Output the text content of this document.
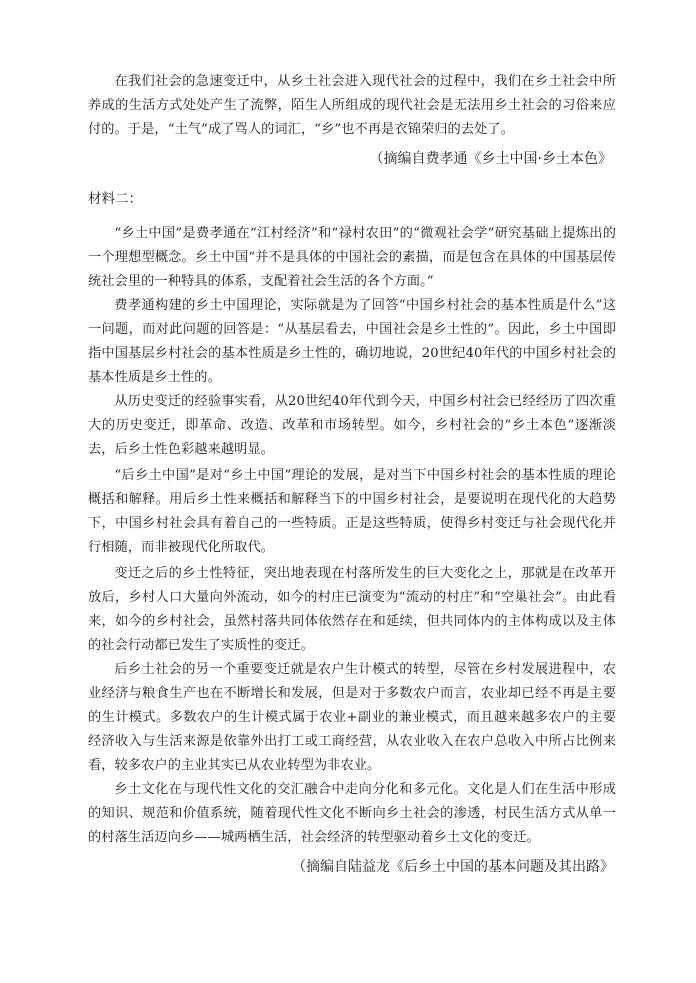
在我们社会的急速变迁中，从乡土社会进入现代社会的过程中，我们在乡土社会中所养成的生活方式处处产生了流弊，陌生人所组成的现代社会是无法用乡土社会的习俗来应付的。于是，“土气”成了骂人的词汇，“乡”也不再是衣锦荣归的去处了。

（摘编自费孝通《乡土中国·乡土本色》

材料二：

“乡土中国”是费孝通在“江村经济”和“禄村农田”的“微观社会学”研究基础上提炼出的一个理想型概念。乡土中国“并不是具体的中国社会的素描，而是包含在具体的中国基层传统社会里的一种特具的体系，支配着社会生活的各个方面。”

费孝通构建的乡土中国理论，实际就是为了回答“中国乡村社会的基本性质是什么”这一问题，而对此问题的回答是：“从基层看去，中国社会是乡土性的”。因此，乡土中国即指中国基层乡村社会的基本性质是乡土性的，确切地说，20世纪40年代的中国乡村社会的基本性质是乡土性的。

从历史变迁的经验事实看，从20世纪40年代到今天，中国乡村社会已经经历了四次重大的历史变迁，即革命、改造、改革和市场转型。如今，乡村社会的“乡土本色”逐渐淡去，后乡土性色彩越来越明显。

“后乡土中国”是对“乡土中国”理论的发展，是对当下中国乡村社会的基本性质的理论概括和解释。用后乡土性来概括和解释当下的中国乡村社会，是要说明在现代化的大趋势下，中国乡村社会具有着自己的一些特质。正是这些特质，使得乡村变迁与社会现代化并行相随，而非被现代化所取代。

变迁之后的乡土性特征，突出地表现在村落所发生的巨大变化之上，那就是在改革开放后，乡村人口大量向外流动，如今的村庄已演变为“流动的村庄”和“空巢社会”。由此看来，如今的乡村社会，虽然村落共同体依然存在和延续，但共同体内的主体构成以及主体的社会行动都已发生了实质性的变迁。

后乡土社会的另一个重要变迁就是农户生计模式的转型，尽管在乡村发展进程中，农业经济与粮食生产也在不断增长和发展，但是对于多数农户而言，农业却已经不再是主要的生计模式。多数农户的生计模式属于农业+副业的兼业模式，而且越来越多农户的主要经济收入与生活来源是依靠外出打工或工商经营，从农业收入在农户总收入中所占比例来看，较多农户的主业其实已从农业转型为非农业。

乡土文化在与现代性文化的交汇融合中走向分化和多元化。文化是人们在生活中形成的知识、规范和价值系统，随着现代性文化不断向乡土社会的渗透，村民生活方式从单一的村落生活迈向乡——城两栖生活，社会经济的转型驱动着乡土文化的变迁。

（摘编自陆益龙《后乡土中国的基本问题及其出路》
